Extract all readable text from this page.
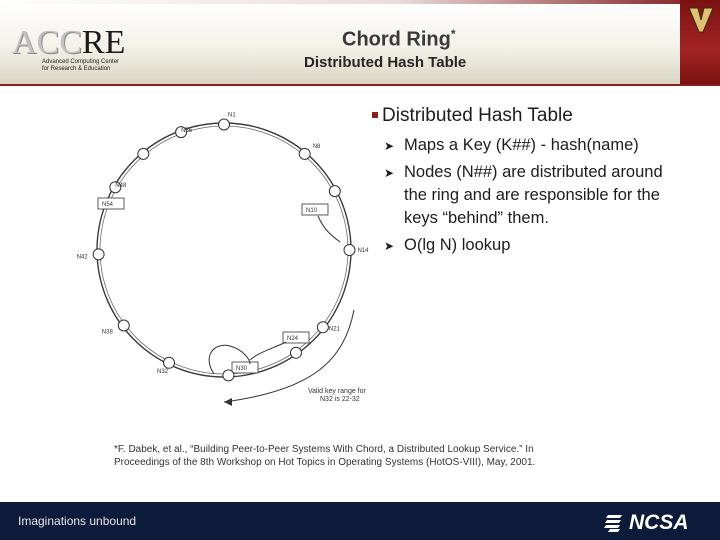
ACCRE
Advanced Computing Center
for Research & Education
Chord Ring*
Distributed Hash Table
N1
N8
N10
N14
N21
N24
N30
N32
N38
N42
N48
N54
N56
Valid key range for
N32 is 22-32
Distributed Hash Table
➤ Maps a Key (K##) - hash(name)
➤ Nodes (N##) are distributed around the ring and are responsible for the keys “behind” them.
➤ O(lg N) lookup
*F. Dabek, et al., “Building Peer-to-Peer Systems With Chord, a Distributed Lookup Service.” In
Proceedings of the 8th Workshop on Hot Topics in Operating Systems (HotOS-VIII), May, 2001.
Imaginations unbound	NCSA
